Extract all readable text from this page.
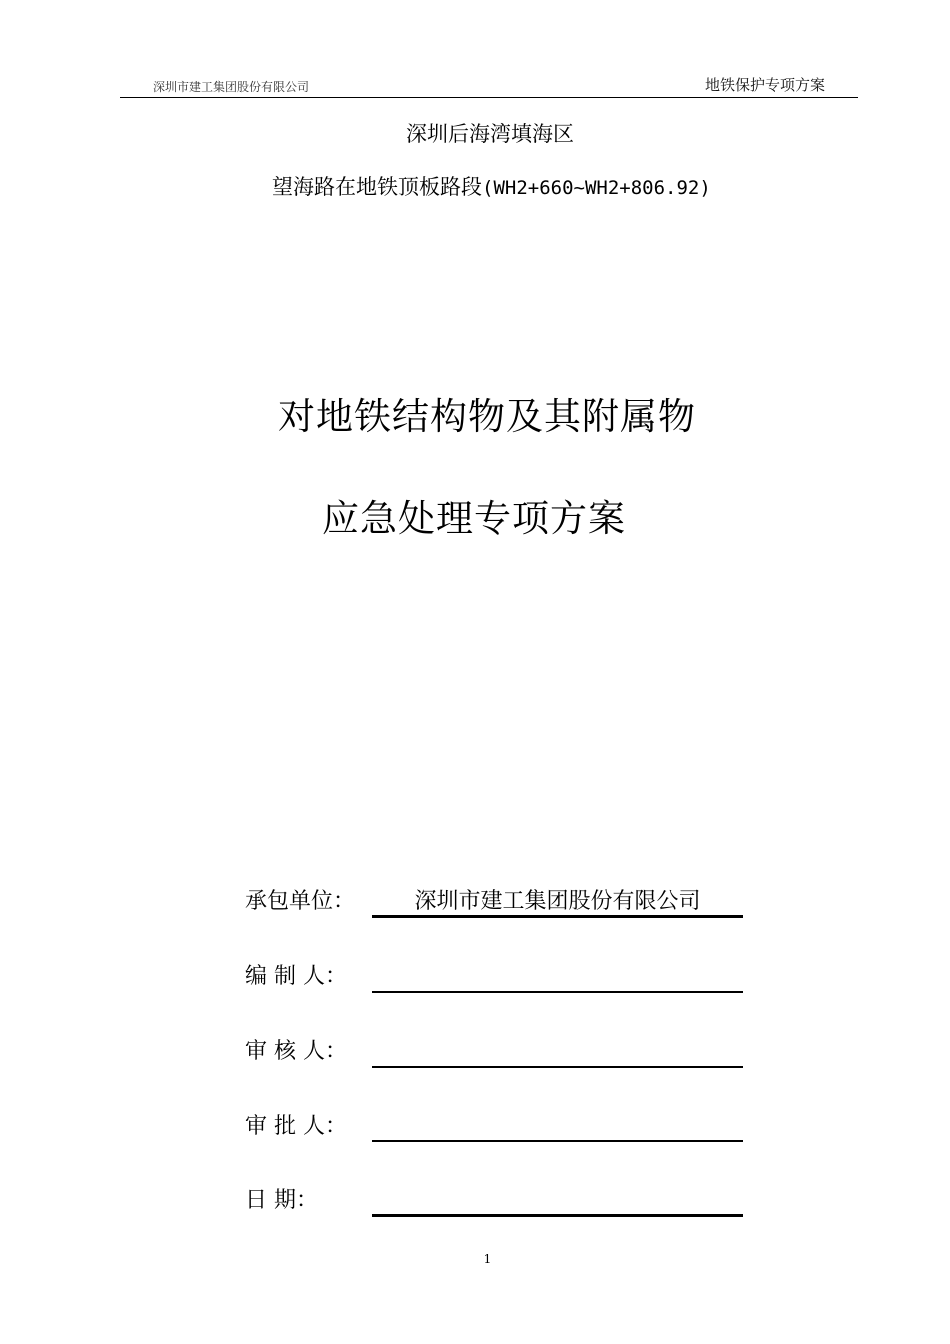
深圳市建工集团股份有限公司	地铁保护专项方案
深圳后海湾填海区
望海路在地铁顶板路段(WH2+660~WH2+806.92)
对地铁结构物及其附属物
应急处理专项方案
承包单位：	深圳市建工集团股份有限公司
编 制 人：
审 核 人：
审 批 人：
日 期：
1
